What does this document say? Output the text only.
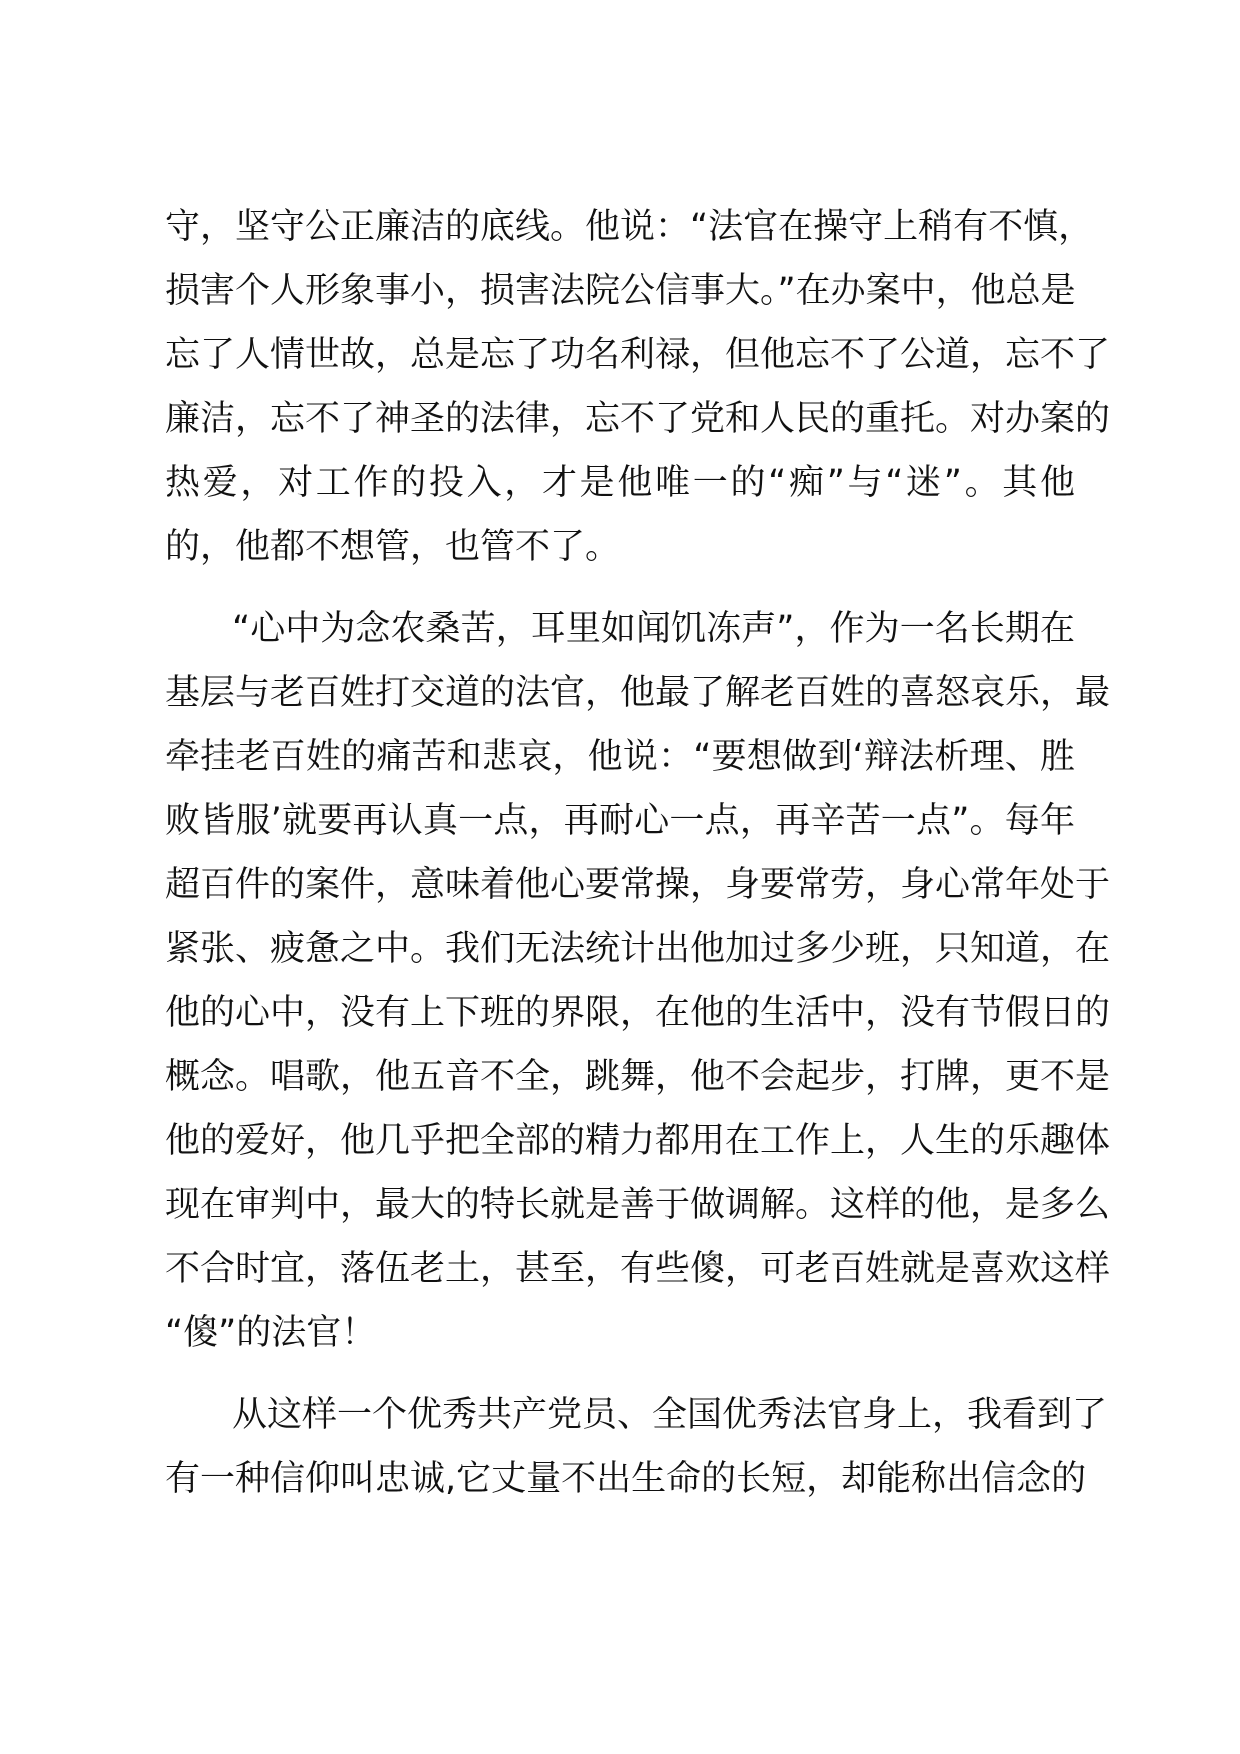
守，坚守公正廉洁的底线。他说：“法官在操守上稍有不慎，
损害个人形象事小，损害法院公信事大。”在办案中，他总是
忘了人情世故，总是忘了功名利禄，但他忘不了公道，忘不了
廉洁，忘不了神圣的法律，忘不了党和人民的重托。对办案的
热爱，对工作的投入，才是他唯一的“痴”与“迷”。其他
的，他都不想管，也管不了。
“心中为念农桑苦，耳里如闻饥冻声”，作为一名长期在
基层与老百姓打交道的法官，他最了解老百姓的喜怒哀乐，最
牵挂老百姓的痛苦和悲哀，他说：“要想做到‘辩法析理、胜
败皆服’就要再认真一点，再耐心一点，再辛苦一点”。每年
超百件的案件，意味着他心要常操，身要常劳，身心常年处于
紧张、疲惫之中。我们无法统计出他加过多少班，只知道，在
他的心中，没有上下班的界限，在他的生活中，没有节假日的
概念。唱歌，他五音不全，跳舞，他不会起步，打牌，更不是
他的爱好，他几乎把全部的精力都用在工作上，人生的乐趣体
现在审判中，最大的特长就是善于做调解。这样的他，是多么
不合时宜，落伍老土，甚至，有些傻，可老百姓就是喜欢这样
“傻”的法官！
从这样一个优秀共产党员、全国优秀法官身上，我看到了
有一种信仰叫忠诚,它丈量不出生命的长短，却能称出信念的
